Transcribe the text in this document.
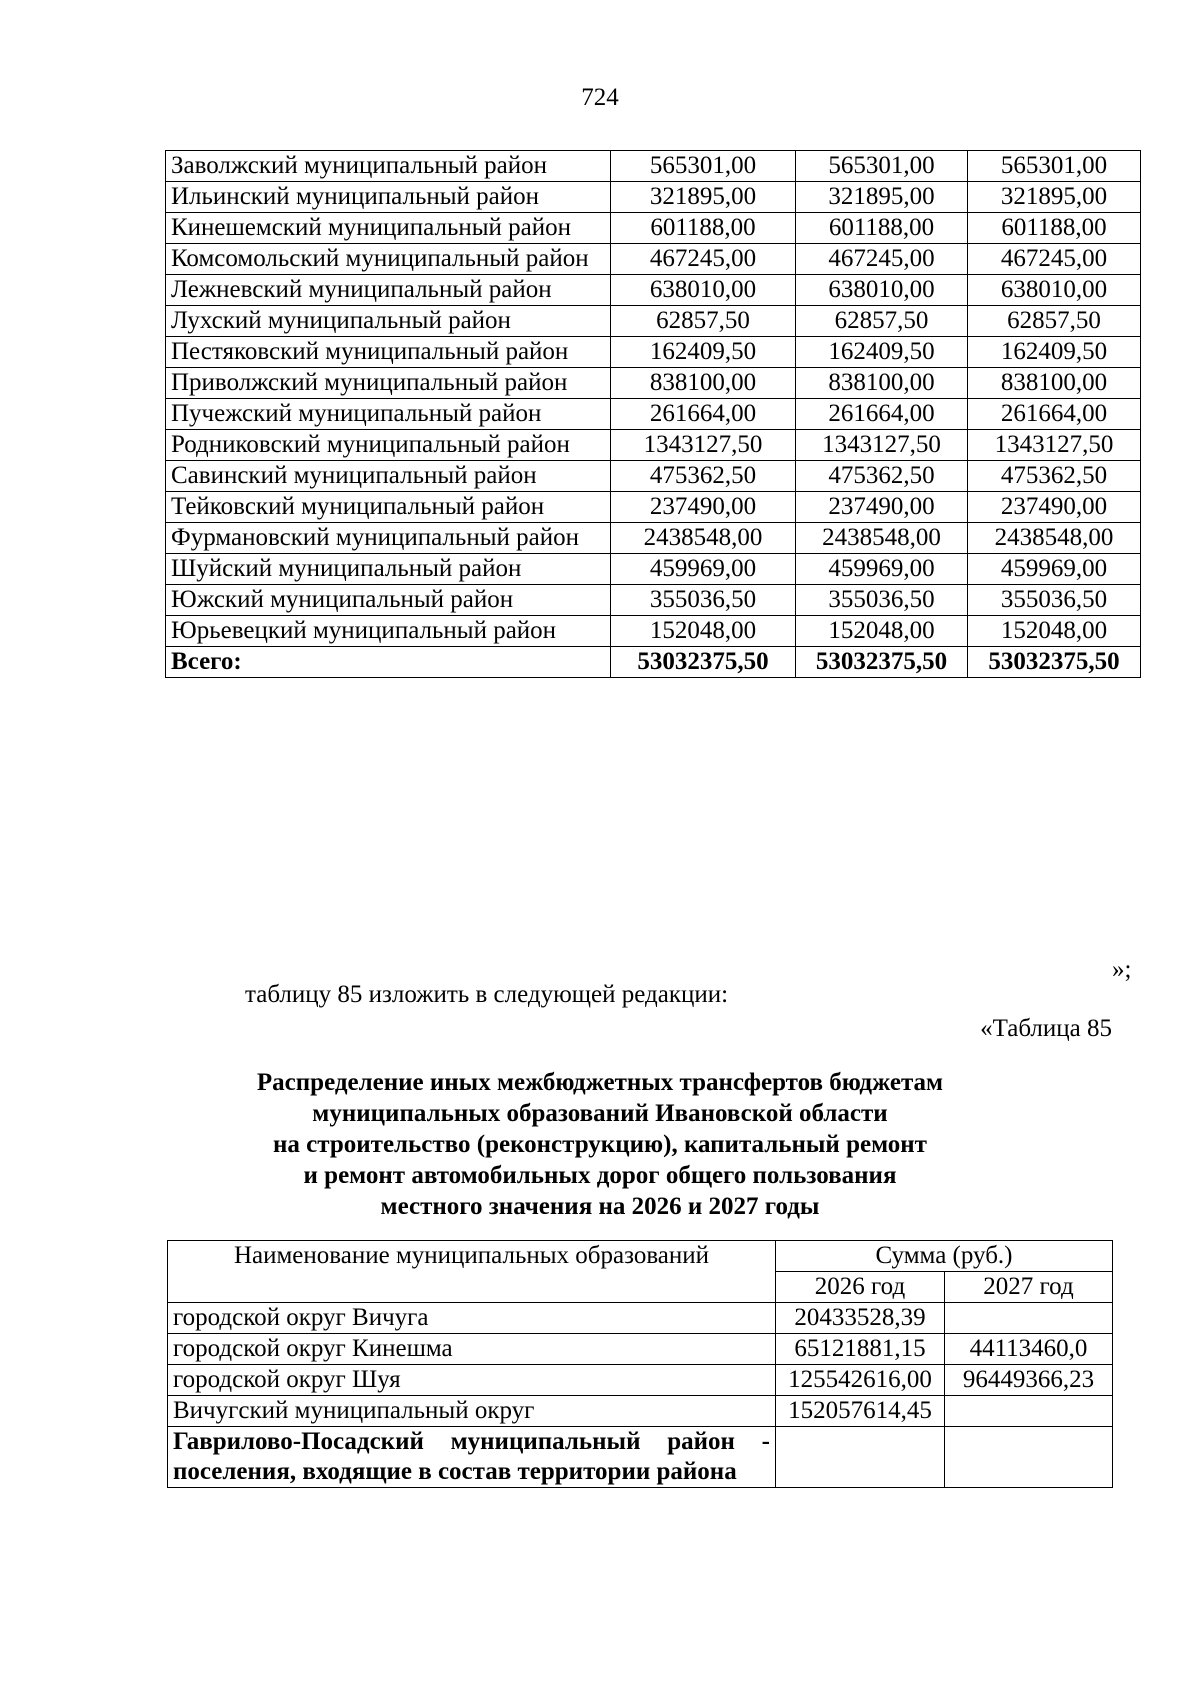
724
Заволжский муниципальный район	565301,00	565301,00	565301,00
Ильинский муниципальный район	321895,00	321895,00	321895,00
Кинешемский муниципальный район	601188,00	601188,00	601188,00
Комсомольский муниципальный район	467245,00	467245,00	467245,00
Лежневский муниципальный район	638010,00	638010,00	638010,00
Лухский муниципальный район	62857,50	62857,50	62857,50
Пестяковский муниципальный район	162409,50	162409,50	162409,50
Приволжский муниципальный район	838100,00	838100,00	838100,00
Пучежский муниципальный район	261664,00	261664,00	261664,00
Родниковский муниципальный район	1343127,50	1343127,50	1343127,50
Савинский муниципальный район	475362,50	475362,50	475362,50
Тейковский муниципальный район	237490,00	237490,00	237490,00
Фурмановский муниципальный район	2438548,00	2438548,00	2438548,00
Шуйский муниципальный район	459969,00	459969,00	459969,00
Южский муниципальный район	355036,50	355036,50	355036,50
Юрьевецкий муниципальный район	152048,00	152048,00	152048,00
Всего:	53032375,50	53032375,50	53032375,50
»;
таблицу 85 изложить в следующей редакции:
«Таблица 85
Распределение иных межбюджетных трансфертов бюджетам
муниципальных образований Ивановской области
на строительство (реконструкцию), капитальный ремонт
и ремонт автомобильных дорог общего пользования
местного значения на 2026 и 2027 годы
Наименование муниципальных образований	Сумма (руб.)	
	2026 год	2027 год
городской округ Вичуга	20433528,39	
городской округ Кинешма	65121881,15	44113460,0
городской округ Шуя	125542616,00	96449366,23
Вичугский муниципальный округ	152057614,45	
Гаврилово-Посадский муниципальный район - поселения, входящие в состав территории района		
